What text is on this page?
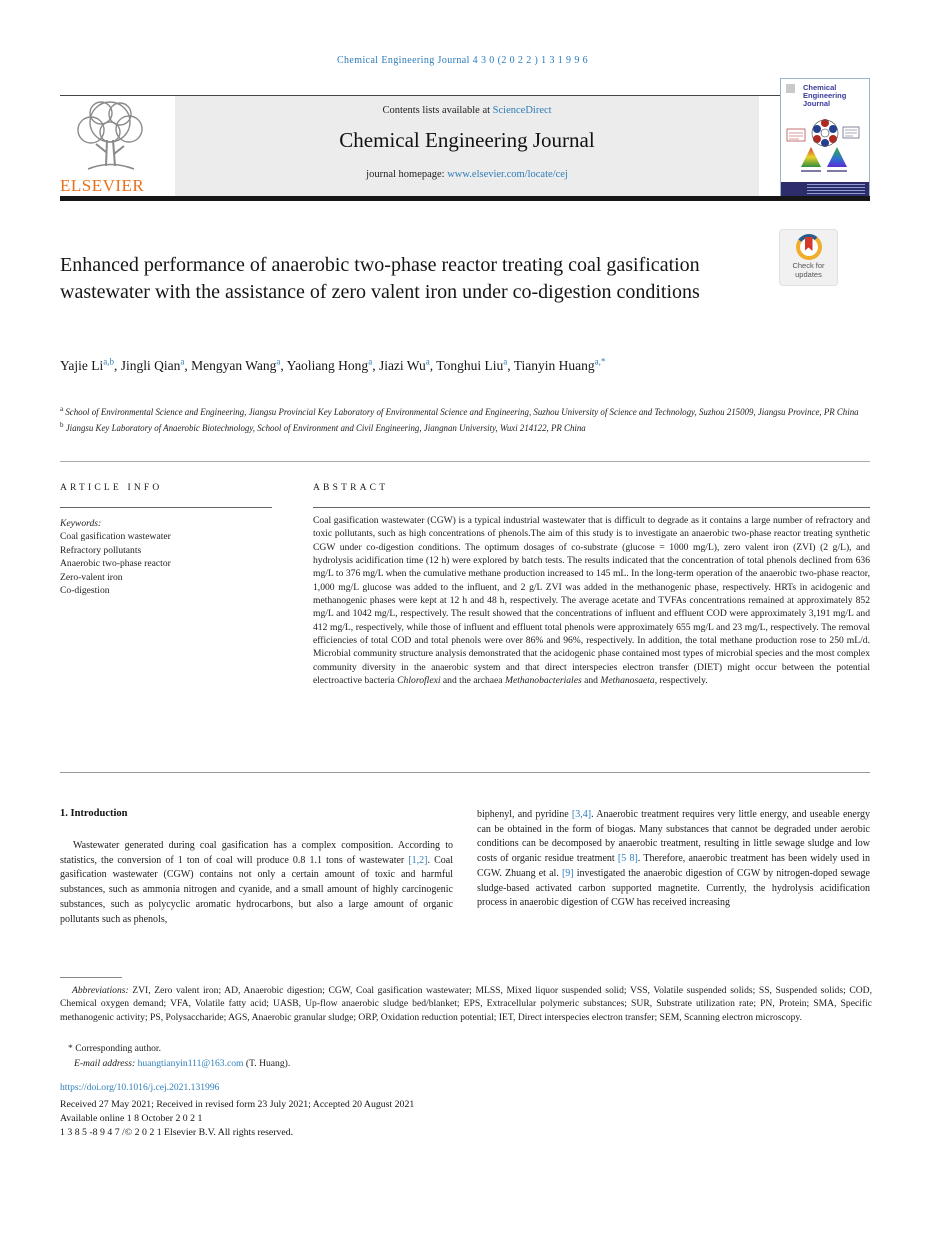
Chemical Engineering Journal 4 3 0 (2 0 2 2 ) 1 3 1 9 9 6
ELSEVIER
Contents lists available at ScienceDirect
Chemical Engineering Journal
journal homepage: www.elsevier.com/locate/cej
Chemical
Engineering
Journal
Enhanced performance of anaerobic two-phase reactor treating coal gasification wastewater with the assistance of zero valent iron under co-digestion conditions
Check for
updates
Yajie Li$^{a,b}$, Jingli Qian$^a$, Mengyan Wang$^a$, Yaoliang Hong$^a$, Jiazi Wu$^a$, Tonghui Liu$^a$, Tianyin Huang$^{a,*}$
$^a$ School of Environmental Science and Engineering, Jiangsu Provincial Key Laboratory of Environmental Science and Engineering, Suzhou University of Science and Technology, Suzhou 215009, Jiangsu Province, PR China
$^b$ Jiangsu Key Laboratory of Anaerobic Biotechnology, School of Environment and Civil Engineering, Jiangnan University, Wuxi 214122, PR China
ARTICLE INFO	ABSTRACT
Keywords:
Coal gasification wastewater
Refractory pollutants
Anaerobic two-phase reactor
Zero-valent iron
Co-digestion
Coal gasification wastewater (CGW) is a typical industrial wastewater that is difficult to degrade as it contains a large number of refractory and toxic pollutants, such as high concentrations of phenols.The aim of this study is to investigate an anaerobic two-phase reactor treating synthetic CGW under co-digestion conditions. The optimum dosages of co-substrate (glucose = 1000 mg/L), zero valent iron (ZVI) (2 g/L), and hydrolysis acidification time (12 h) were explored by batch tests. The results indicated that the concentration of total phenols declined from 636 mg/L to 376 mg/L when the cumulative methane production increased to 145 mL. In the long-term operation of the anaerobic two-phase reactor, 1,000 mg/L glucose was added to the influent, and 2 g/L ZVI was added in the methanogenic phase, respectively. HRTs in acidogenic and methanogenic phases were kept at 12 h and 48 h, respectively. The average acetate and TVFAs concentrations remained at approximately 852 mg/L and 1042 mg/L, respectively. The result showed that the concentrations of influent and effluent COD were approximately 3,191 mg/L and 412 mg/L, respectively, while those of influent and effluent total phenols were approximately 655 mg/L and 23 mg/L, respectively. The removal efficiencies of total COD and total phenols were over 86% and 96%, respectively. In addition, the total methane production rose to 250 mL/d. Microbial community structure analysis demonstrated that the acidogenic phase contained most types of microbial species and the most complex community diversity in the anaerobic system and that direct interspecies electron transfer (DIET) might occur between the potential electroactive bacteria Chloroflexi and the archaea Methanobacteriales and Methanosaeta, respectively.
1. Introduction

Wastewater generated during coal gasification has a complex composition. According to statistics, the conversion of 1 ton of coal will produce 0.8 1.1 tons of wastewater [1,2]. Coal gasification wastewater (CGW) contains not only a certain amount of toxic and harmful substances, such as ammonia nitrogen and cyanide, and a small amount of highly carcinogenic substances, such as polycyclic aromatic hydrocarbons, but also a large amount of organic pollutants such as phenols,

biphenyl, and pyridine [3,4]. Anaerobic treatment requires very little energy, and useable energy can be obtained in the form of biogas. Many substances that cannot be degraded under aerobic conditions can be decomposed by anaerobic treatment, resulting in little sewage sludge and low costs of organic residue treatment [5 8]. Therefore, anaerobic treatment has been widely used in CGW. Zhuang et al. [9] investigated the anaerobic digestion of CGW by nitrogen-doped sewage sludge-based activated carbon supported magnetite. Currently, the hydrolysis acidification process in anaerobic digestion of CGW has received increasing

Abbreviations: ZVI, Zero valent iron; AD, Anaerobic digestion; CGW, Coal gasification wastewater; MLSS, Mixed liquor suspended solid; VSS, Volatile suspended solids; SS, Suspended solids; COD, Chemical oxygen demand; VFA, Volatile fatty acid; UASB, Up-flow anaerobic sludge bed/blanket; EPS, Extracellular polymeric substances; SUR, Substrate utilization rate; PN, Protein; SMA, Specific methanogenic activity; PS, Polysaccharide; AGS, Anaerobic granular sludge; ORP, Oxidation reduction potential; IET, Direct interspecies electron transfer; SEM, Scanning electron microscopy.

* Corresponding author.

E-mail address: huangtianyin111@163.com (T. Huang).

https://doi.org/10.1016/j.cej.2021.131996
Received 27 May 2021; Received in revised form 23 July 2021; Accepted 20 August 2021
Available online 1 8 October 2 0 2 1
1 3 8 5 -8 9 4 7 /© 2 0 2 1 Elsevier B.V. All rights reserved.
